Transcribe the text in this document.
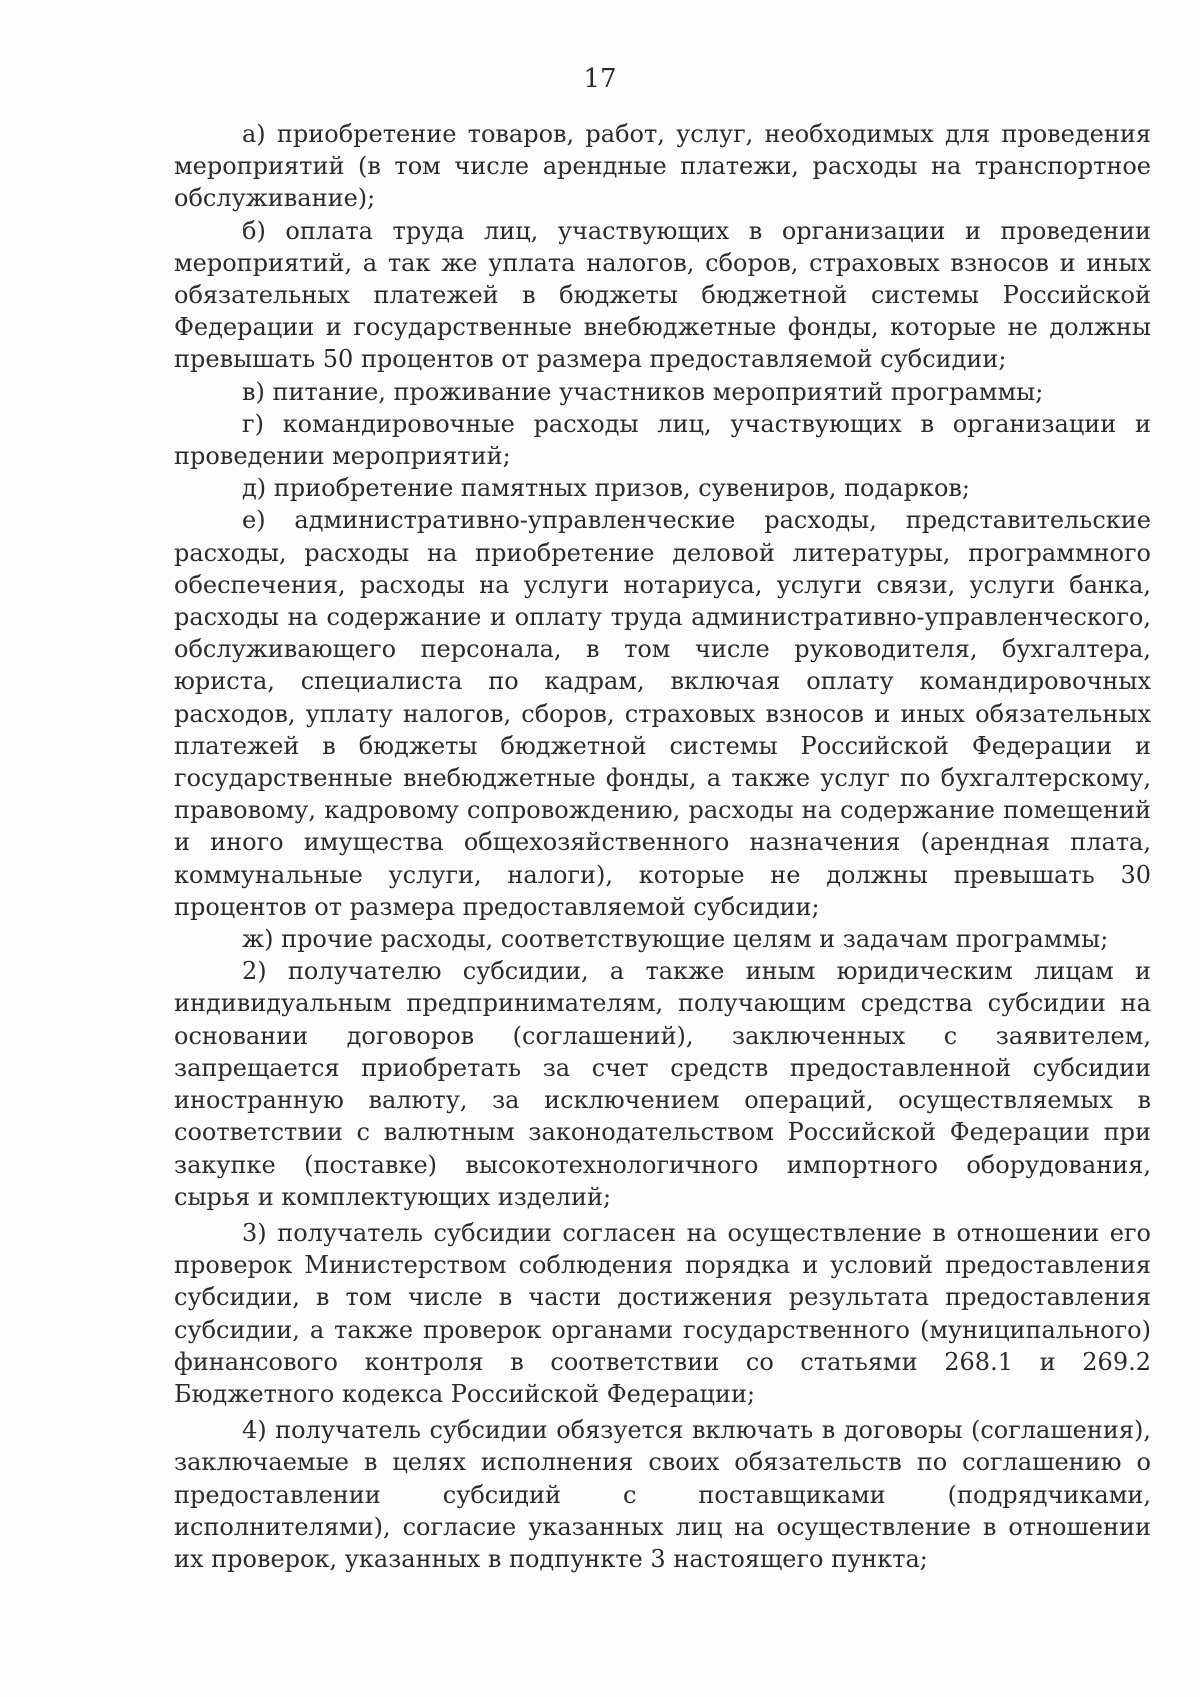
17

а) приобретение товаров, работ, услуг, необходимых для проведения мероприятий (в том числе арендные платежи, расходы на транспортное обслуживание);

б) оплата труда лиц, участвующих в организации и проведении мероприятий, а так же уплата налогов, сборов, страховых взносов и иных обязательных платежей в бюджеты бюджетной системы Российской Федерации и государственные внебюджетные фонды, которые не должны превышать 50 процентов от размера предоставляемой субсидии;

в) питание, проживание участников мероприятий программы;

г) командировочные расходы лиц, участвующих в организации и проведении мероприятий;

д) приобретение памятных призов, сувениров, подарков;

е) административно-управленческие расходы, представительские расходы, расходы на приобретение деловой литературы, программного обеспечения, расходы на услуги нотариуса, услуги связи, услуги банка, расходы на содержание и оплату труда административно-управленческого, обслуживающего персонала, в том числе руководителя, бухгалтера, юриста, специалиста по кадрам, включая оплату командировочных расходов, уплату налогов, сборов, страховых взносов и иных обязательных платежей в бюджеты бюджетной системы Российской Федерации и государственные внебюджетные фонды, а также услуг по бухгалтерскому, правовому, кадровому сопровождению, расходы на содержание помещений и иного имущества общехозяйственного назначения (арендная плата, коммунальные услуги, налоги), которые не должны превышать 30 процентов от размера предоставляемой субсидии;

ж) прочие расходы, соответствующие целям и задачам программы;

2) получателю субсидии, а также иным юридическим лицам и индивидуальным предпринимателям, получающим средства субсидии на основании договоров (соглашений), заключенных с заявителем, запрещается приобретать за счет средств предоставленной субсидии иностранную валюту, за исключением операций, осуществляемых в соответствии с валютным законодательством Российской Федерации при закупке (поставке) высокотехнологичного импортного оборудования, сырья и комплектующих изделий;

3) получатель субсидии согласен на осуществление в отношении его проверок Министерством соблюдения порядка и условий предоставления субсидии, в том числе в части достижения результата предоставления субсидии, а также проверок органами государственного (муниципального) финансового контроля в соответствии со статьями 268.1 и 269.2 Бюджетного кодекса Российской Федерации;

4) получатель субсидии обязуется включать в договоры (соглашения), заключаемые в целях исполнения своих обязательств по соглашению о предоставлении субсидий с поставщиками (подрядчиками, исполнителями), согласие указанных лиц на осуществление в отношении их проверок, указанных в подпункте 3 настоящего пункта;
